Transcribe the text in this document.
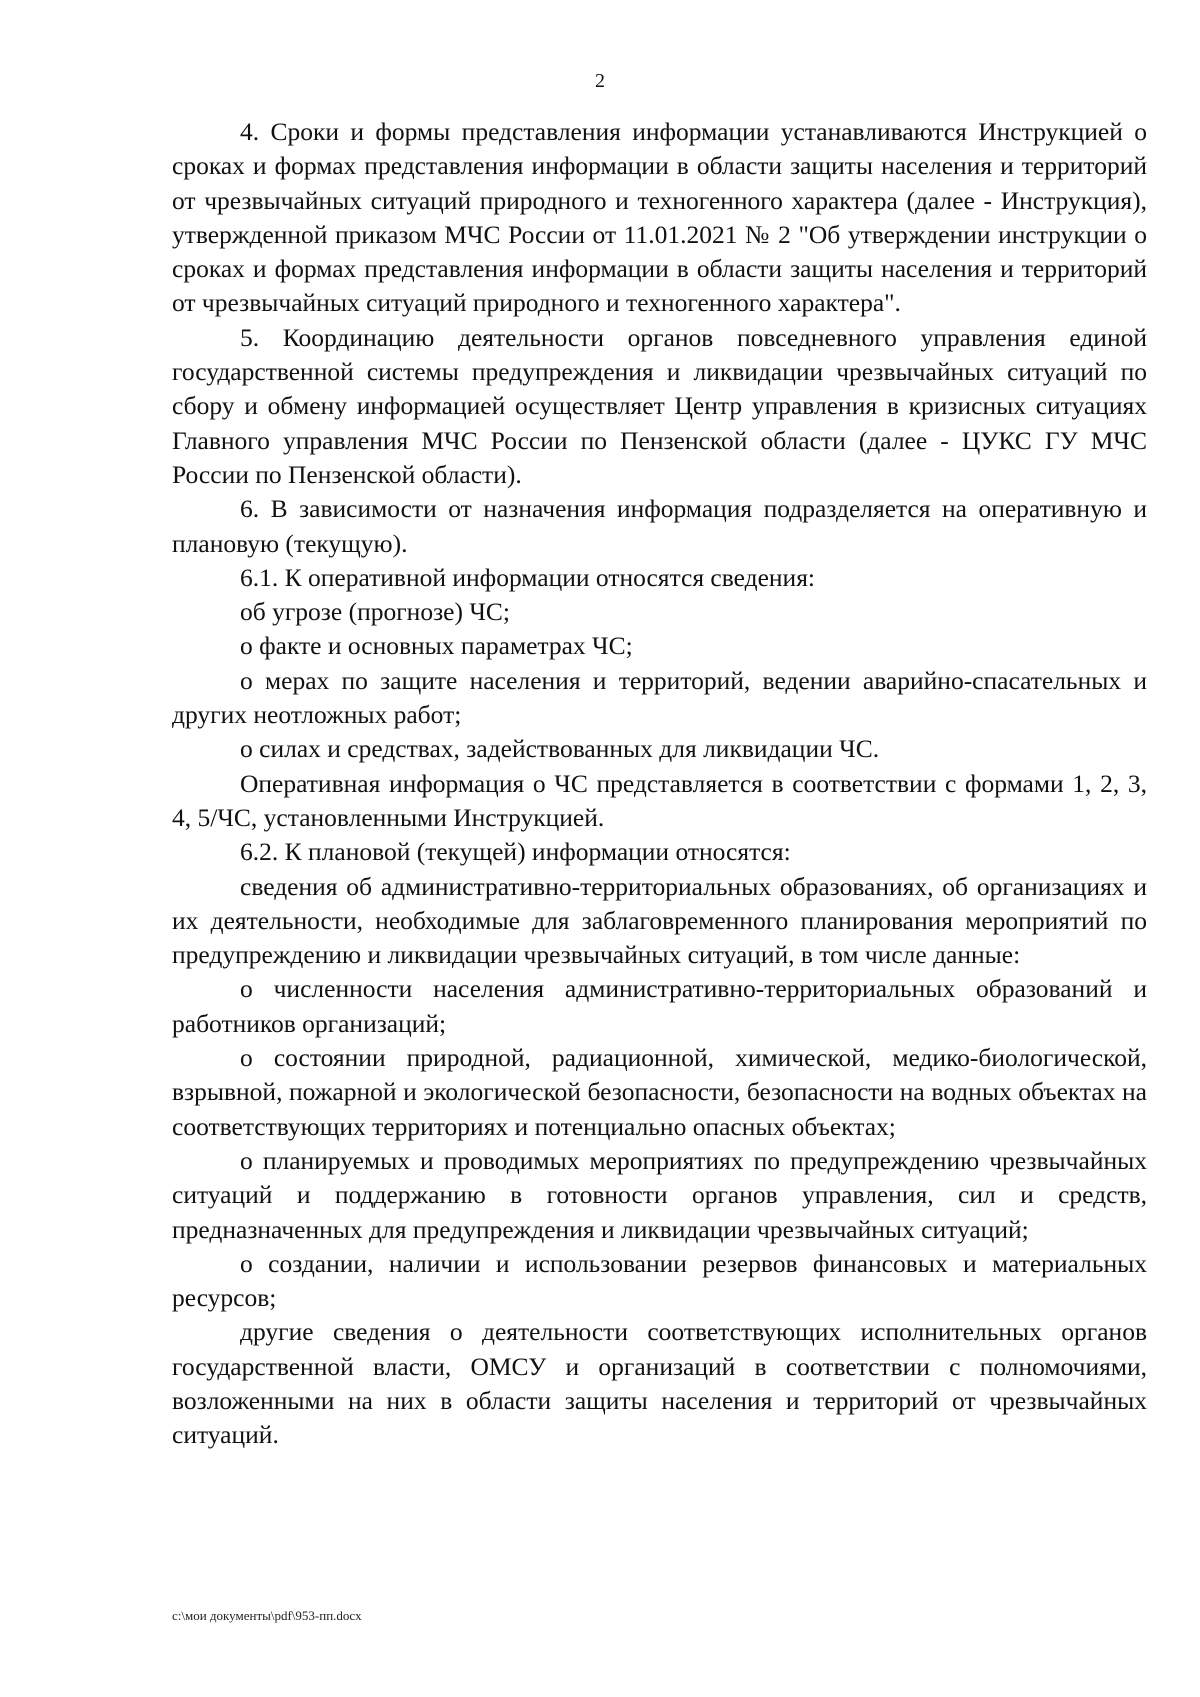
2

4. Сроки и формы представления информации устанавливаются Инструкцией о сроках и формах представления информации в области защиты населения и территорий от чрезвычайных ситуаций природного и техногенного характера (далее - Инструкция), утвержденной приказом МЧС России от 11.01.2021 № 2 "Об утверждении инструкции о сроках и формах представления информации в области защиты населения и территорий от чрезвычайных ситуаций природного и техногенного характера".

5. Координацию деятельности органов повседневного управления единой государственной системы предупреждения и ликвидации чрезвычайных ситуаций по сбору и обмену информацией осуществляет Центр управления в кризисных ситуациях Главного управления МЧС России по Пензенской области (далее - ЦУКС ГУ МЧС России по Пензенской области).

6. В зависимости от назначения информация подразделяется на оперативную и плановую (текущую).

6.1. К оперативной информации относятся сведения:

об угрозе (прогнозе) ЧС;

о факте и основных параметрах ЧС;

о мерах по защите населения и территорий, ведении аварийно-спасательных и других неотложных работ;

о силах и средствах, задействованных для ликвидации ЧС.

Оперативная информация о ЧС представляется в соответствии с формами 1, 2, 3, 4, 5/ЧС, установленными Инструкцией.

6.2. К плановой (текущей) информации относятся:

сведения об административно-территориальных образованиях, об организациях и их деятельности, необходимые для заблаговременного планирования мероприятий по предупреждению и ликвидации чрезвычайных ситуаций, в том числе данные:

о численности населения административно-территориальных образований и работников организаций;

о состоянии природной, радиационной, химической, медико-биологической, взрывной, пожарной и экологической безопасности, безопасности на водных объектах на соответствующих территориях и потенциально опасных объектах;

о планируемых и проводимых мероприятиях по предупреждению чрезвычайных ситуаций и поддержанию в готовности органов управления, сил и средств, предназначенных для предупреждения и ликвидации чрезвычайных ситуаций;

о создании, наличии и использовании резервов финансовых и материальных ресурсов;

другие сведения о деятельности соответствующих исполнительных органов государственной власти, ОМСУ и организаций в соответствии с полномочиями, возложенными на них в области защиты населения и территорий от чрезвычайных ситуаций.

c:\мои документы\pdf\953-пп.docx
